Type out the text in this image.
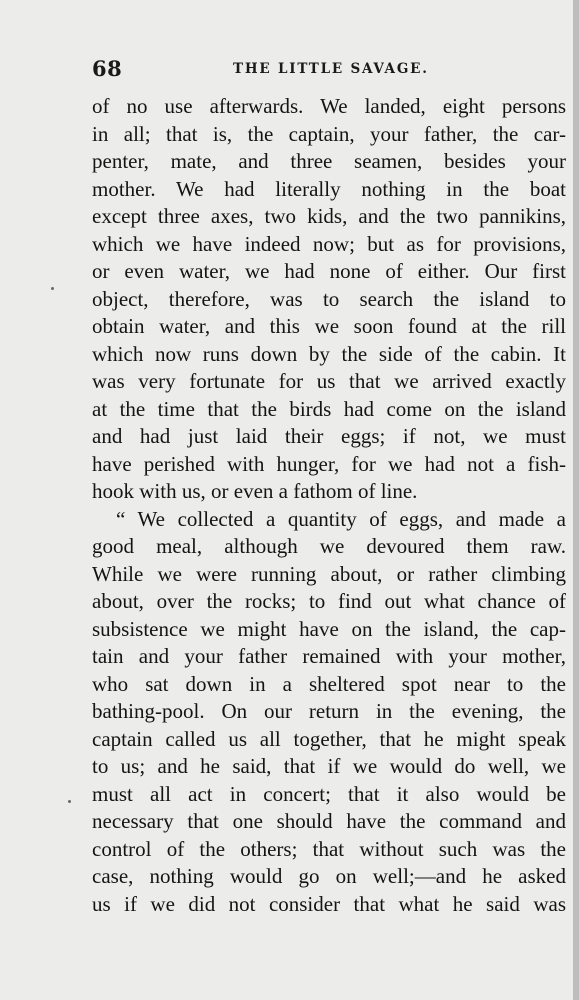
68	THE LITTLE SAVAGE.
of no use afterwards. We landed, eight persons
in all; that is, the captain, your father, the car-
penter, mate, and three seamen, besides your
mother. We had literally nothing in the boat
except three axes, two kids, and the two pannikins,
which we have indeed now; but as for provisions,
or even water, we had none of either. Our first
object, therefore, was to search the island to
obtain water, and this we soon found at the rill
which now runs down by the side of the cabin. It
was very fortunate for us that we arrived exactly
at the time that the birds had come on the island
and had just laid their eggs; if not, we must
have perished with hunger, for we had not a fish-
hook with us, or even a fathom of line.
“ We collected a quantity of eggs, and made a
good meal, although we devoured them raw.
While we were running about, or rather climbing
about, over the rocks; to find out what chance of
subsistence we might have on the island, the cap-
tain and your father remained with your mother,
who sat down in a sheltered spot near to the
bathing-pool. On our return in the evening, the
captain called us all together, that he might speak
to us; and he said, that if we would do well, we
must all act in concert; that it also would be
necessary that one should have the command and
control of the others; that without such was the
case, nothing would go on well;—and he asked
us if we did not consider that what he said was
